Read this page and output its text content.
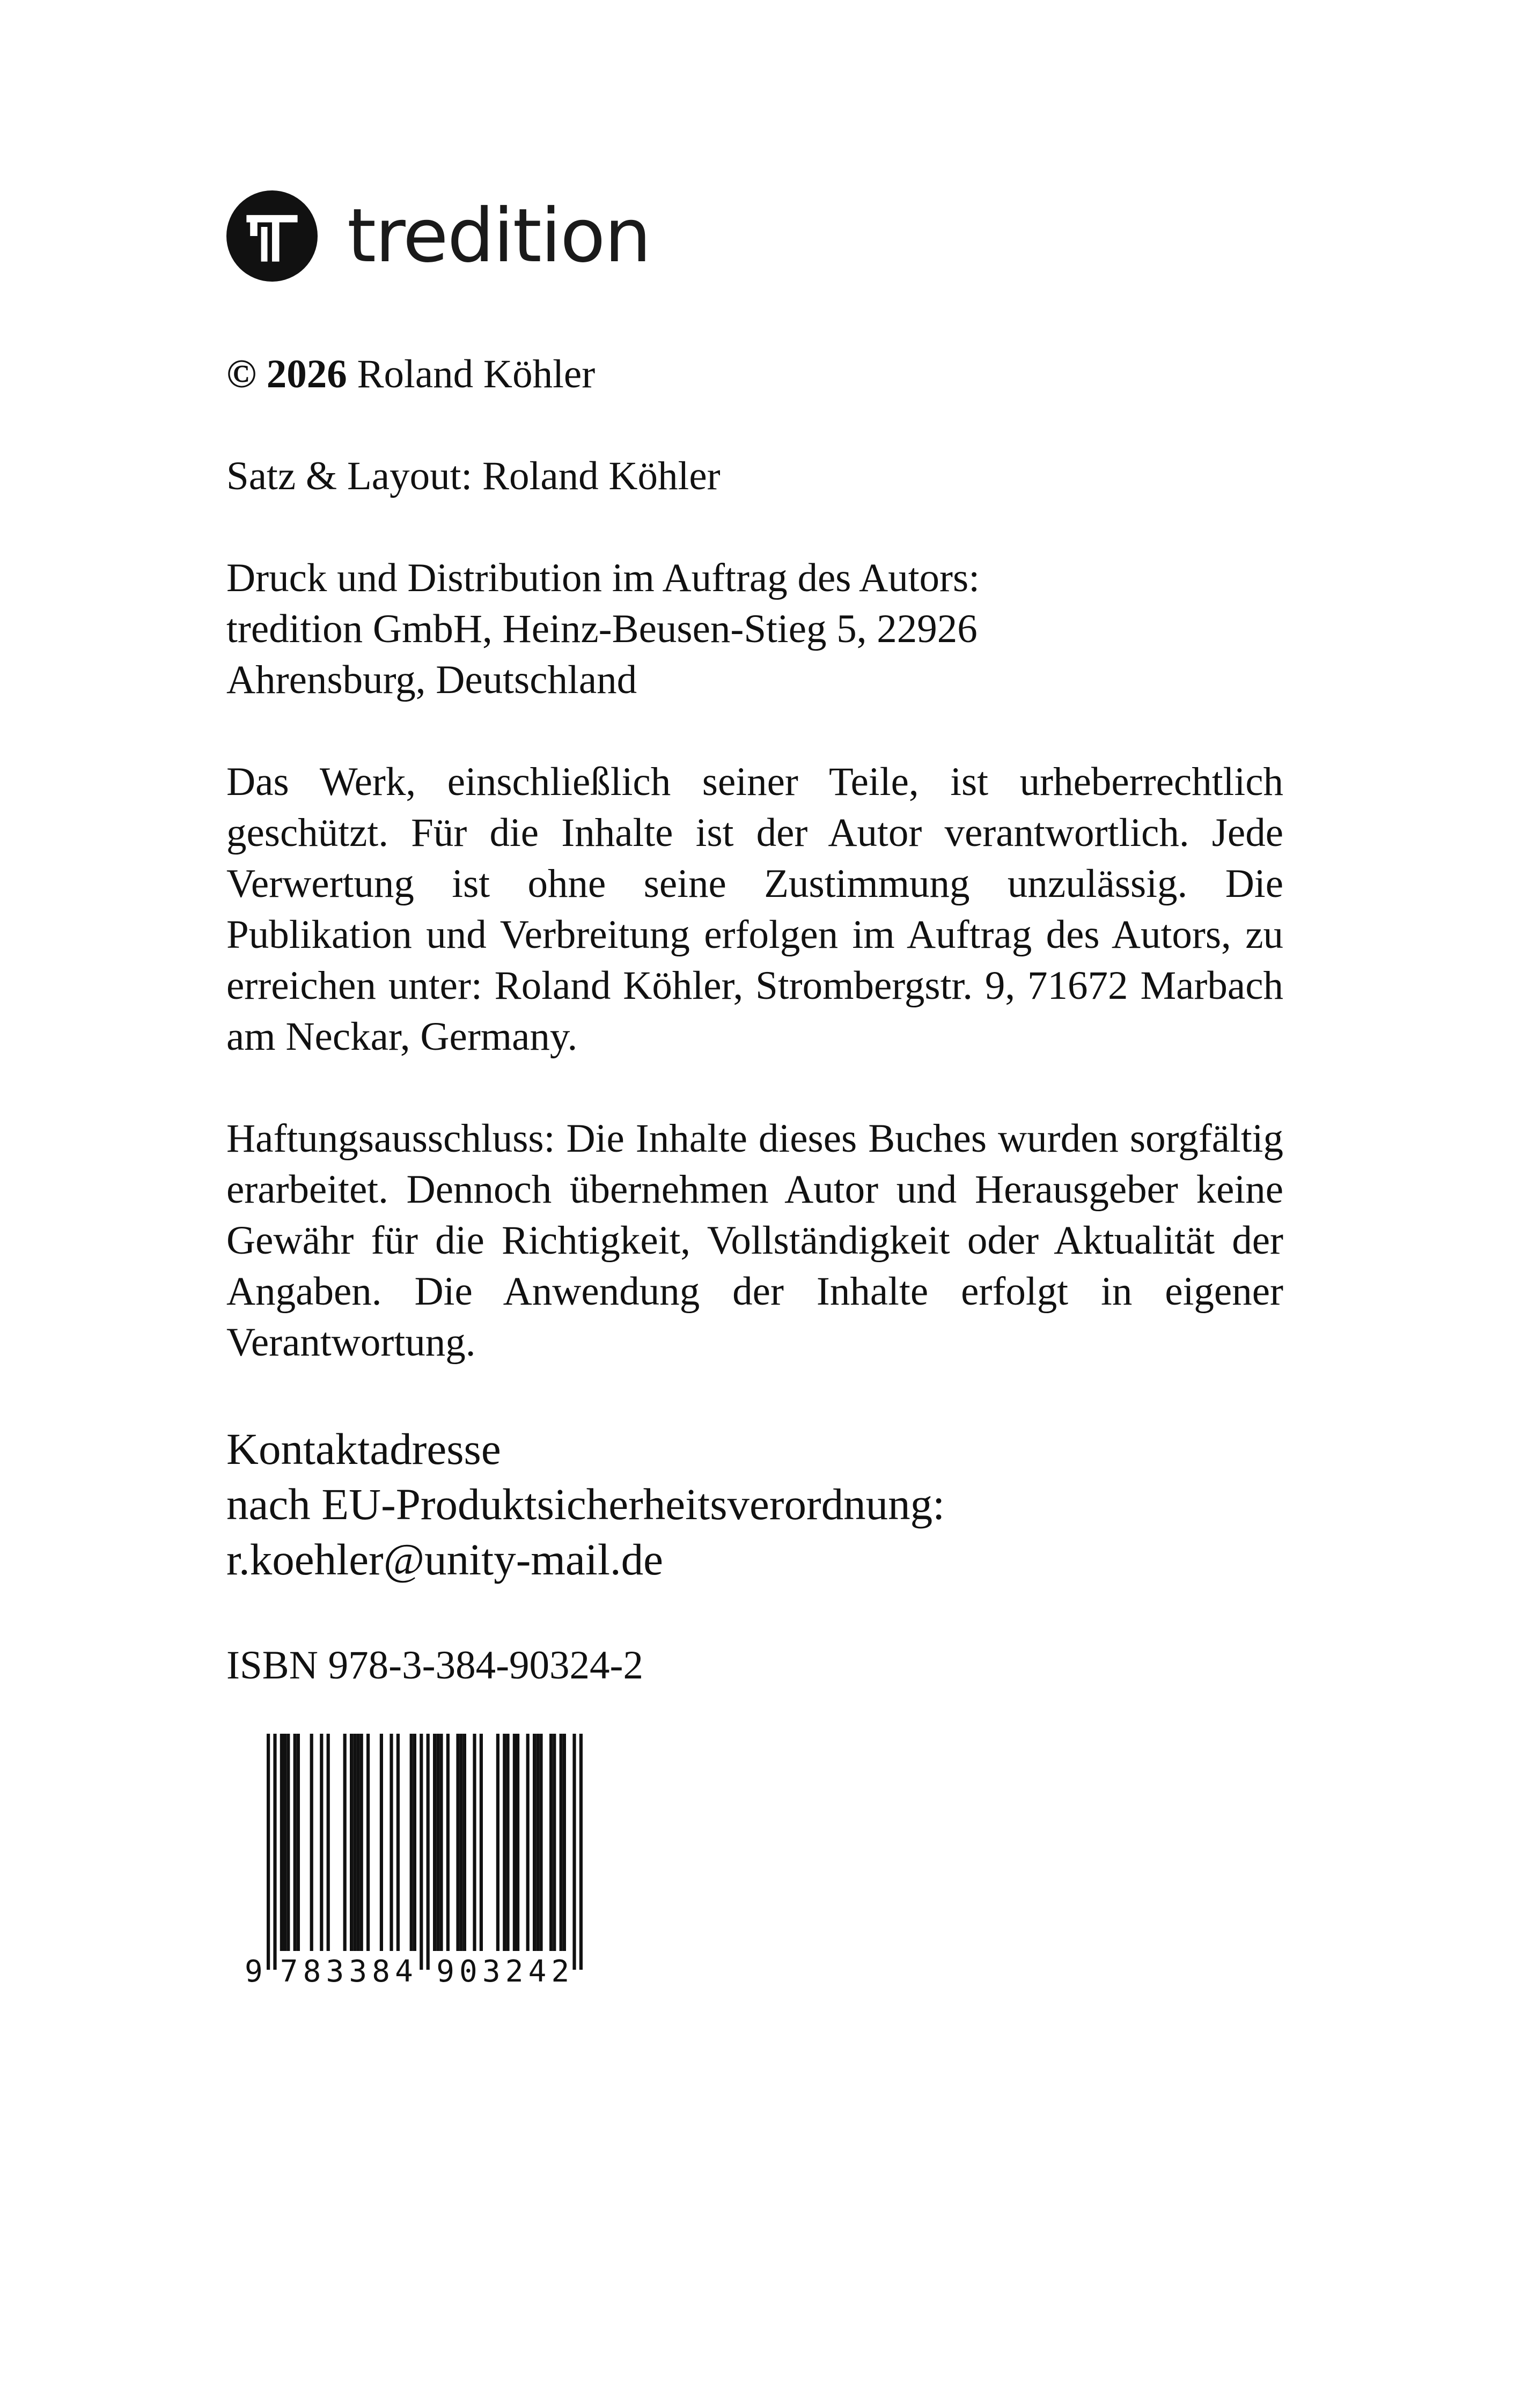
tredition
© 2026 Roland Köhler
Satz & Layout: Roland Köhler
Druck und Distribution im Auftrag des Autors:
tredition GmbH, Heinz-Beusen-Stieg 5, 22926
Ahrensburg, Deutschland
Das Werk, einschließlich seiner Teile, ist urheberrechtlich geschützt. Für die Inhalte ist der Autor verantwortlich. Jede Verwertung ist ohne seine Zustimmung unzulässig. Die Publikation und Verbreitung erfolgen im Auftrag des Autors, zu erreichen unter: Roland Köhler, Strombergstr. 9, 71672 Marbach am Neckar, Germany.
Haftungsausschluss: Die Inhalte dieses Buches wurden sorgfältig erarbeitet. Dennoch übernehmen Autor und Herausgeber keine Gewähr für die Richtigkeit, Vollständigkeit oder Aktualität der Angaben. Die Anwendung der Inhalte erfolgt in eigener Verantwortung.
Kontaktadresse
nach EU-Produktsicherheitsverordnung:
r.koehler@unity-mail.de
ISBN 978-3-384-90324-2
9 783384 903242
